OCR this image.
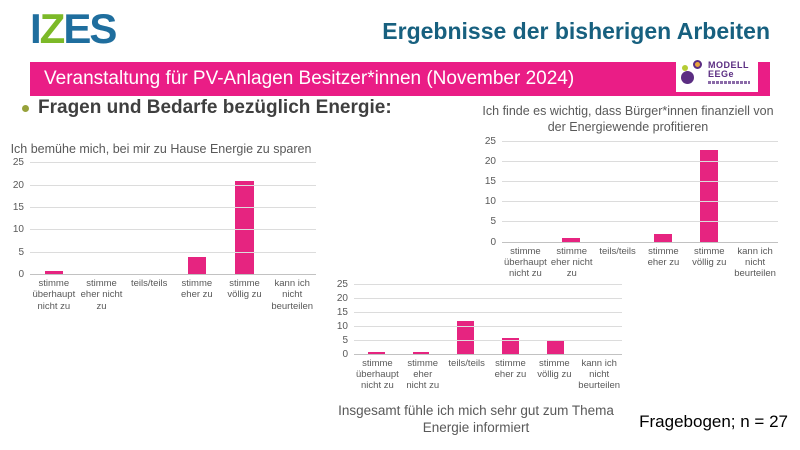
IZES	Ergebnisse der bisherigen Arbeiten
Veranstaltung für PV-Anlagen Besitzer*innen (November 2024)
MODELL
EEGe
Fragen und Bedarfe bezüglich Energie:
Ich bemühe mich, bei mir zu Hause Energie zu sparen
0
5
10
15
20
25
stimme überhaupt nicht zu
stimme eher nicht zu
teils/teils	stimme eher zu
stimme völlig zu
kann ich nicht beurteilen
Ich finde es wichtig, dass Bürger*innen finanziell von der Energiewende profitieren
0
5
10
15
20
25
stimme überhaupt nicht zu
stimme eher nicht zu
teils/teils	stimme eher zu
stimme völlig zu
kann ich nicht beurteilen
0
5
10
15
20
25
stimme überhaupt nicht zu
stimme eher nicht zu
teils/teils	stimme eher zu
stimme völlig zu
kann ich nicht beurteilen
Insgesamt fühle ich mich sehr gut zum Thema Energie informiert	Fragebogen; n = 27
